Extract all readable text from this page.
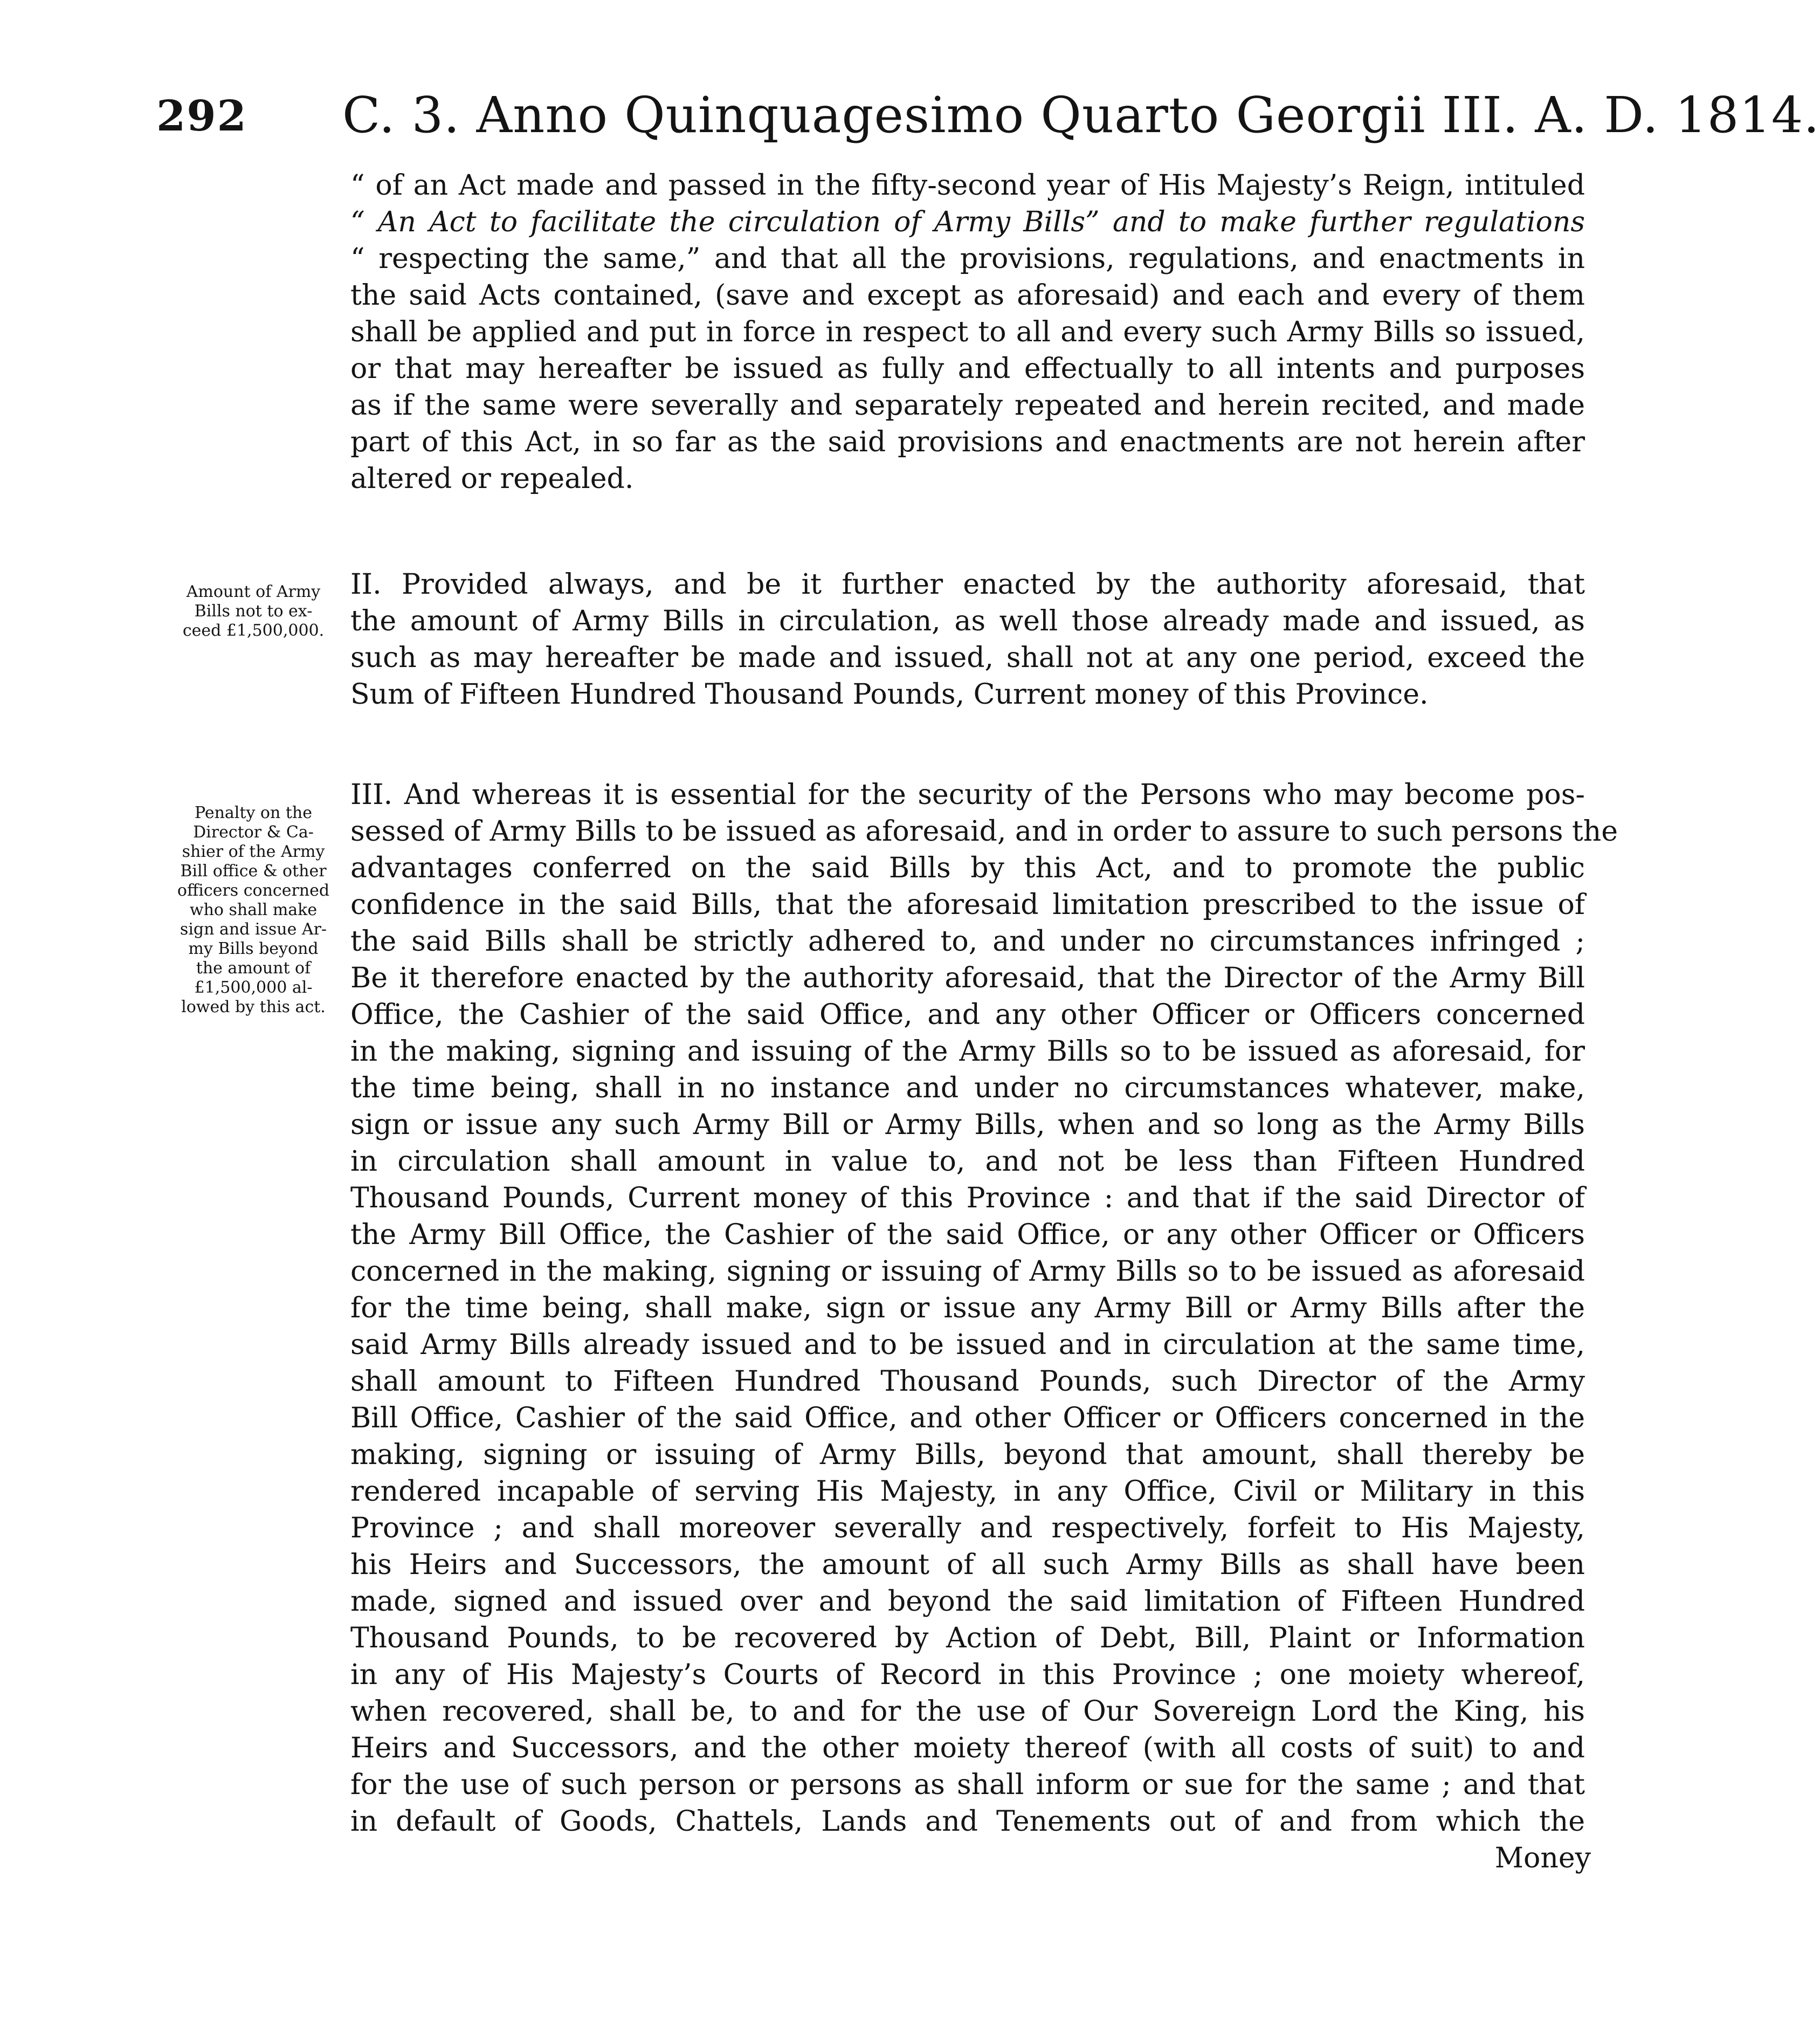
292 C. 3. Anno Quinquagesimo Quarto Georgii III. A. D. 1814.
“ of an Act made and passed in the fifty-second year of His Majesty’s Reign, intituled
“ An Act to facilitate the circulation of Army Bills” and to make further regulations
“ respecting the same,” and that all the provisions, regulations, and enactments in
the said Acts contained, (save and except as aforesaid) and each and every of them
shall be applied and put in force in respect to all and every such Army Bills so issued,
or that may hereafter be issued as fully and effectually to all intents and purposes
as if the same were severally and separately repeated and herein recited, and made
part of this Act, in so far as the said provisions and enactments are not herein after
altered or repealed.
Amount of Army
Bills not to ex-
ceed £1,500,000.
II. Provided always, and be it further enacted by the authority aforesaid, that
the amount of Army Bills in circulation, as well those already made and issued, as
such as may hereafter be made and issued, shall not at any one period, exceed the
Sum of Fifteen Hundred Thousand Pounds, Current money of this Province.
Penalty on the
Director & Ca-
shier of the Army
Bill office & other
officers concerned
who shall make
sign and issue Ar-
my Bills beyond
the amount of
£1,500,000 al-
lowed by this act.
III. And whereas it is essential for the security of the Persons who may become pos-
sessed of Army Bills to be issued as aforesaid, and in order to assure to such persons the
advantages conferred on the said Bills by this Act, and to promote the public
confidence in the said Bills, that the aforesaid limitation prescribed to the issue of
the said Bills shall be strictly adhered to, and under no circumstances infringed ;
Be it therefore enacted by the authority aforesaid, that the Director of the Army Bill
Office, the Cashier of the said Office, and any other Officer or Officers concerned
in the making, signing and issuing of the Army Bills so to be issued as aforesaid, for
the time being, shall in no instance and under no circumstances whatever, make,
sign or issue any such Army Bill or Army Bills, when and so long as the Army Bills
in circulation shall amount in value to, and not be less than Fifteen Hundred
Thousand Pounds, Current money of this Province : and that if the said Director of
the Army Bill Office, the Cashier of the said Office, or any other Officer or Officers
concerned in the making, signing or issuing of Army Bills so to be issued as aforesaid
for the time being, shall make, sign or issue any Army Bill or Army Bills after the
said Army Bills already issued and to be issued and in circulation at the same time,
shall amount to Fifteen Hundred Thousand Pounds, such Director of the Army
Bill Office, Cashier of the said Office, and other Officer or Officers concerned in the
making, signing or issuing of Army Bills, beyond that amount, shall thereby be
rendered incapable of serving His Majesty, in any Office, Civil or Military in this
Province ; and shall moreover severally and respectively, forfeit to His Majesty,
his Heirs and Successors, the amount of all such Army Bills as shall have been
made, signed and issued over and beyond the said limitation of Fifteen Hundred
Thousand Pounds, to be recovered by Action of Debt, Bill, Plaint or Information
in any of His Majesty’s Courts of Record in this Province ; one moiety whereof,
when recovered, shall be, to and for the use of Our Sovereign Lord the King, his
Heirs and Successors, and the other moiety thereof (with all costs of suit) to and
for the use of such person or persons as shall inform or sue for the same ; and that
in default of Goods, Chattels, Lands and Tenements out of and from which the
Money
